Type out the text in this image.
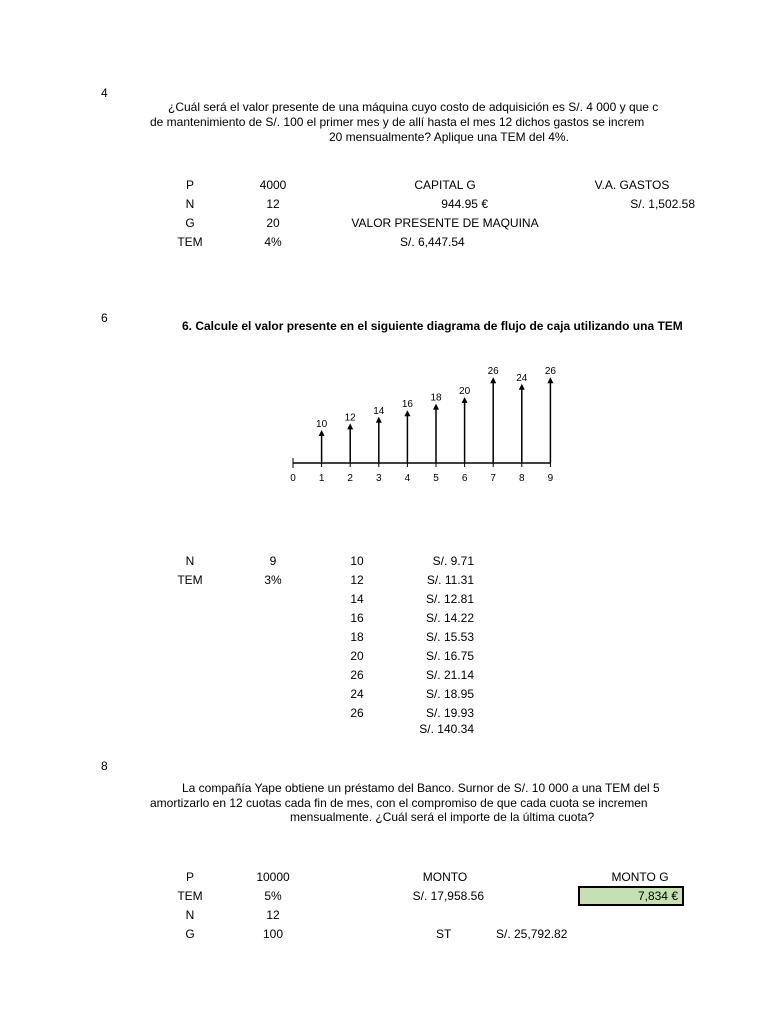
4
¿Cuál será el valor presente de una máquina cuyo costo de adquisición es S/. 4 000 y que c
de mantenimiento de S/. 100 el primer mes y de allí hasta el mes 12 dichos gastos se increm
20 mensualmente? Aplique una TEM del 4%.
P
N
G
TEM
4000
12
20
4%
CAPITAL G
944.95 €
VALOR PRESENTE DE MAQUINA
S/. 6,447.54
V.A. GASTOS
S/. 1,502.58
6
6. Calcule el valor presente en el siguiente diagrama de flujo de caja utilizando una TEM
10
12
14
16
18
20
26
24
26
0 1 2 3 4 5 6 7 8 9
N
TEM
9
3%
10
12
14
16
18
20
26
24
26
S/. 9.71
S/. 11.31
S/. 12.81
S/. 14.22
S/. 15.53
S/. 16.75
S/. 21.14
S/. 18.95
S/. 19.93
S/. 140.34
8
La compañía Yape obtiene un préstamo del Banco. Surnor de S/. 10 000 a una TEM del 5
amortizarlo en 12 cuotas cada fin de mes, con el compromiso de que cada cuota se incremen
mensualmente. ¿Cuál será el importe de la última cuota?
P
TEM
N
G
10000
5%
12
100
MONTO
S/. 17,958.56
MONTO G
7,834 €
ST	S/. 25,792.82
